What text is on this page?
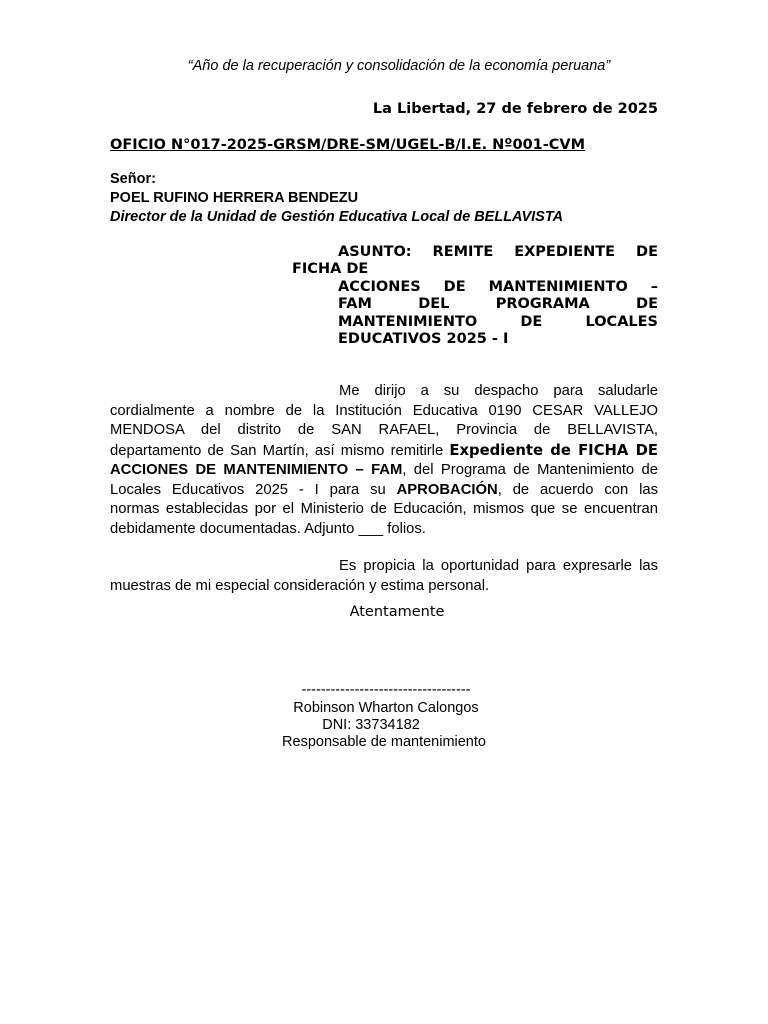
“Año de la recuperación y consolidación de la economía peruana”

La Libertad, 27 de febrero de 2025

OFICIO N°017-2025-GRSM/DRE-SM/UGEL-B/I.E. Nº001-CVM

Señor:

POEL RUFINO HERRERA BENDEZU

Director de la Unidad de Gestión Educativa Local de BELLAVISTA

ASUNTO: REMITE EXPEDIENTE DE
FICHA DE
ACCIONES DE MANTENIMIENTO –
FAM DEL PROGRAMA DE
MANTENIMIENTO DE LOCALES
EDUCATIVOS 2025 - I
Me dirijo a su despacho para saludarle
cordialmente a nombre de la Institución Educativa 0190 CESAR VALLEJO
MENDOSA del distrito de SAN RAFAEL, Provincia de BELLAVISTA,
departamento de San Martín, así mismo remitirle Expediente de FICHA DE
ACCIONES DE MANTENIMIENTO – FAM, del Programa de Mantenimiento de
Locales Educativos 2025 - I para su APROBACIÓN, de acuerdo con las
normas establecidas por el Ministerio de Educación, mismos que se encuentran
debidamente documentadas. Adjunto ___ folios.
Es propicia la oportunidad para expresarle las
muestras de mi especial consideración y estima personal.

Atentamente

-----------------------------------

Robinson Wharton Calongos

DNI: 33734182

Responsable de mantenimiento
